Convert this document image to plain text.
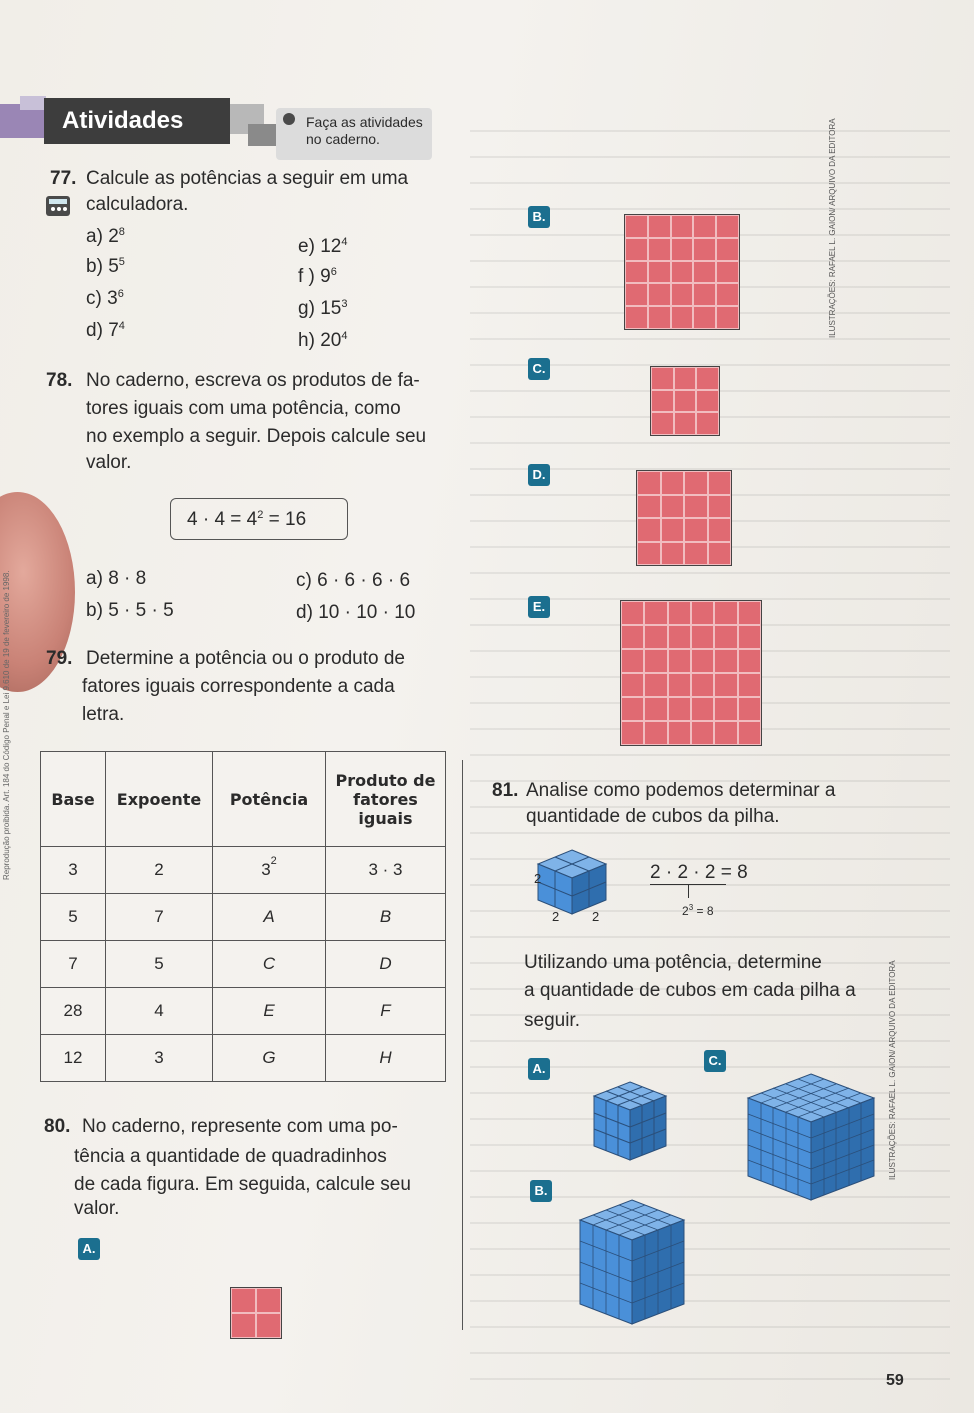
Atividades	Faça as atividades no caderno.
77. Calcule as potências a seguir em uma
calculadora.
a) $2^8$
b) $5^5$
c) $3^6$
d) $7^4$
e) $12^4$
f ) $9^6$
g) $15^3$
h) $20^4$
78. No caderno, escreva os produtos de fa-
tores iguais com uma potência, como
no exemplo a seguir. Depois calcule seu
valor.
$4 \cdot 4 = 4^2 = 16$
a) 8 · 8
b) 5 · 5 · 5
c) 6 · 6 · 6 · 6
d) 10 · 10 · 10
79. Determine a potência ou o produto de
fatores iguais correspondente a cada
letra.
Base	Expoente	Potência	Produto de fatores iguais
3	2	$3^2$	3 · 3
5	7	A	B
7	5	C	D
28	4	E	F
12	3	G	H
80. No caderno, represente com uma po-
tência a quantidade de quadradinhos
de cada figura. Em seguida, calcule seu
valor.
A.
B.
C.
D.
E.
ILUSTRAÇÕES: RAFAEL L. GAION/ ARQUIVO DA EDITORA
81. Analise como podemos determinar a
quantidade de cubos da pilha.
2
2	2
2 · 2 · 2 = 8
$2^3 = 8$
Utilizando uma potência, determine
a quantidade de cubos em cada pilha a
seguir.
A.
C.
B.
ILUSTRAÇÕES: RAFAEL L. GAION/ ARQUIVO DA EDITORA
Reprodução proibida. Art. 184 do Código Penal e Lei 9.610 de 19 de fevereiro de 1998.
59
